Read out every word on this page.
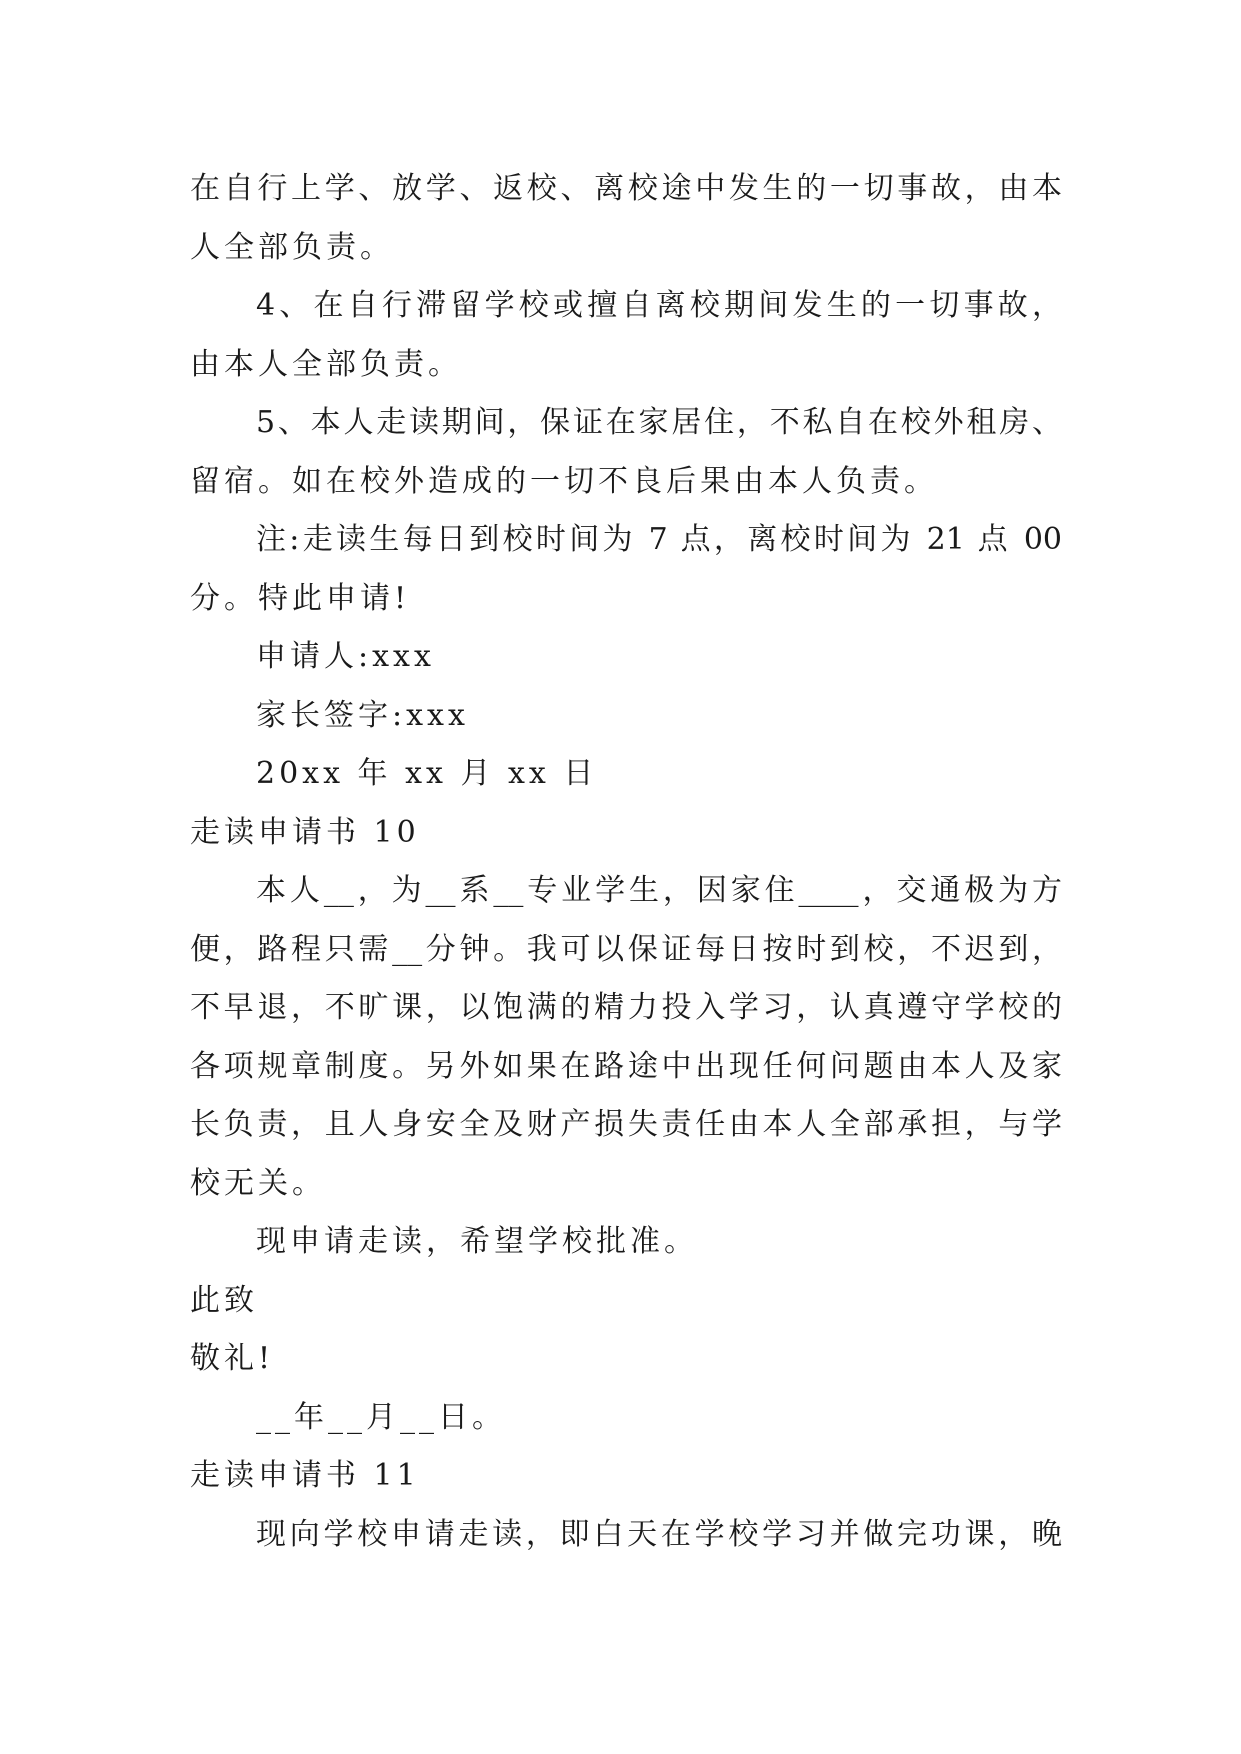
在自行上学、放学、返校、离校途中发生的一切事故，由本
人全部负责。
4、在自行滞留学校或擅自离校期间发生的一切事故，
由本人全部负责。
5、本人走读期间，保证在家居住，不私自在校外租房、
留宿。如在校外造成的一切不良后果由本人负责。
注:走读生每日到校时间为 7 点，离校时间为 21 点 00
分。特此申请!
申请人:xxx
家长签字:xxx
20xx 年 xx 月 xx 日
走读申请书 10
本人__，为__系__专业学生，因家住____，交通极为方
便，路程只需__分钟。我可以保证每日按时到校，不迟到，
不早退，不旷课，以饱满的精力投入学习，认真遵守学校的
各项规章制度。另外如果在路途中出现任何问题由本人及家
长负责，且人身安全及财产损失责任由本人全部承担，与学
校无关。
现申请走读，希望学校批准。
此致
敬礼!
__年__月__日。
走读申请书 11
现向学校申请走读，即白天在学校学习并做完功课，晚
